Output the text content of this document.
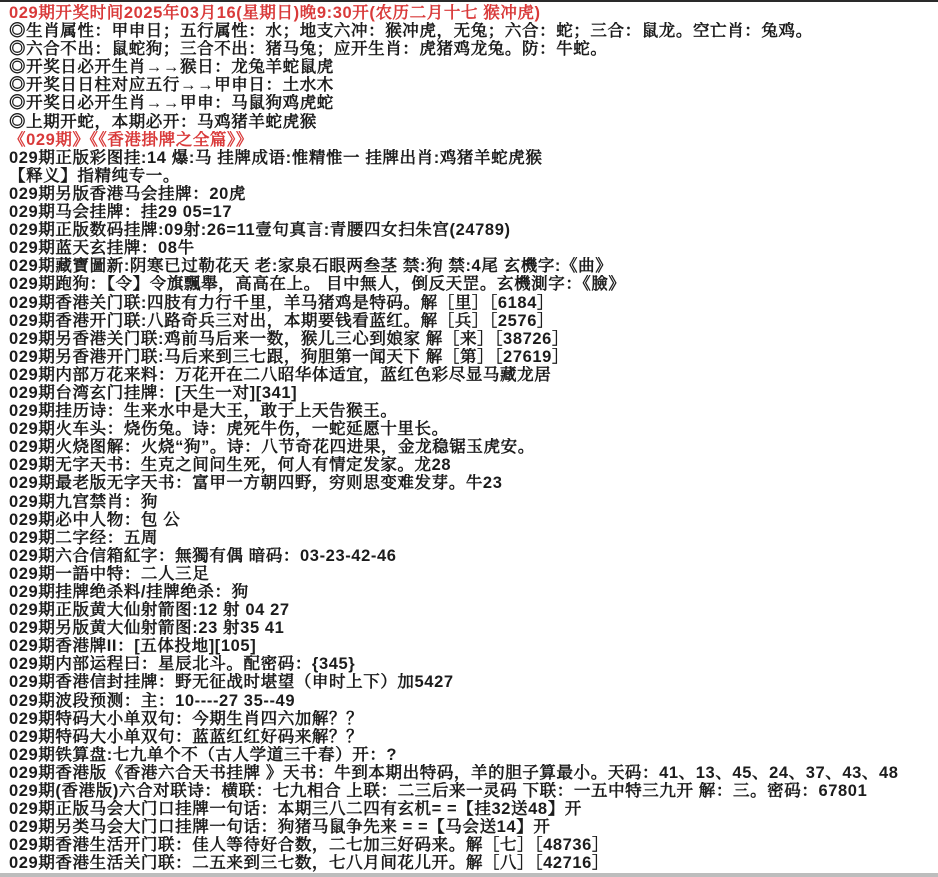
029期开奖时间2025年03月16(星期日)晚9:30开(农历二月十七 猴冲虎)
◎生肖属性：甲申日；五行属性：水；地支六冲：猴冲虎，无兔；六合：蛇；三合：鼠龙。空亡肖：兔鸡。
◎六合不出：鼠蛇狗；三合不出：猪马兔；应开生肖：虎猪鸡龙兔。防：牛蛇。
◎开奖日必开生肖→→猴日：龙兔羊蛇鼠虎
◎开奖日日柱对应五行→→甲申日：土水木
◎开奖日必开生肖→→甲申：马鼠狗鸡虎蛇
◎上期开蛇，本期必开：马鸡猪羊蛇虎猴
《029期》《《香港掛牌之全篇》》
029期正版彩图挂:14 爆:马 挂牌成语:惟精惟一 挂牌出肖:鸡猪羊蛇虎猴
【释义】指精纯专一。
029期另版香港马会挂牌：20虎
029期马会挂牌：挂29 05=17
029期正版数码挂牌:09射:26=11壹句真言:青腰四女扫朱宫(24789)
029期蓝天玄挂牌：08牛
029期藏寶圖新:阴寒已过勒花天 老:家泉石眼两叁茎 禁:狗 禁:4尾 玄機字:《曲》
029期跑狗：【令】令旗飄舉，高高在上。 目中無人，倒反天罡。玄機測字：《臉》
029期香港关门联:四肢有力行千里，羊马猪鸡是特码。解［里］［6184］
029期香港开门联:八路奇兵三对出，本期要钱看蓝红。解［兵］［2576］
029期另香港关门联:鸡前马后来一数，猴儿三心到娘家 解［来］［38726］
029期另香港开门联:马后来到三七跟，狗胆第一闻天下 解［第］［27619］
029期内部万花来料：万花开在二八昭华体适宜，蓝红色彩尽显马藏龙居
029期台湾玄门挂牌：[天生一对][341]
029期挂历诗：生来水中是大王，敢于上天告猴王。
029期火车头：烧伤兔。诗：虎死牛伤，一蛇延愿十里长。
029期火烧图解：火烧“狗”。诗：八节奇花四进果，金龙稳锯玉虎安。
029期无字天书：生克之间问生死，何人有情定发家。龙28
029期最老版无字天书：富甲一方朝四野，穷则思变难发芽。牛23
029期九宫禁肖：狗
029期必中人物：包 公
029期二字经：五周
029期六合信箱紅字：無獨有偶 暗码：03-23-42-46
029期一語中特：二人三足
029期挂牌绝杀料/挂牌绝杀：狗
029期正版黄大仙射箭图:12 射 04 27
029期另版黄大仙射箭图:23 射35 41
029期香港牌II：[五体投地][105]
029期内部运程曰：星辰北斗。配密码：{345}
029期香港信封挂牌：野无征战时堪望（申时上下）加5427
029期波段预测：主：10----27 35--49
029期特码大小单双句：今期生肖四六加解？？
029期特码大小单双句：蓝蓝红红好码来解？？
029期铁算盘:七九单个不（古人学道三千春）开：?
029期香港版《香港六合天书挂牌 》天书：牛到本期出特码，羊的胆子算最小。天码：41、13、45、24、37、43、48
029期(香港版)六合对联诗：横联：七九相合 上联：二三后来一灵码 下联：一五中特三九开 解：三。密码：67801
029期正版马会大门口挂牌一句话：本期三八二四有玄机= =【挂32送48】开
029期另类马会大门口挂牌一句话：狗猪马鼠争先来 = =【马会送14】开
029期香港生活开门联：佳人等待好合数，二七加三好码来。解［七］［48736］
029期香港生活关门联：二五来到三七数，七八月间花儿开。解［八］［42716］
